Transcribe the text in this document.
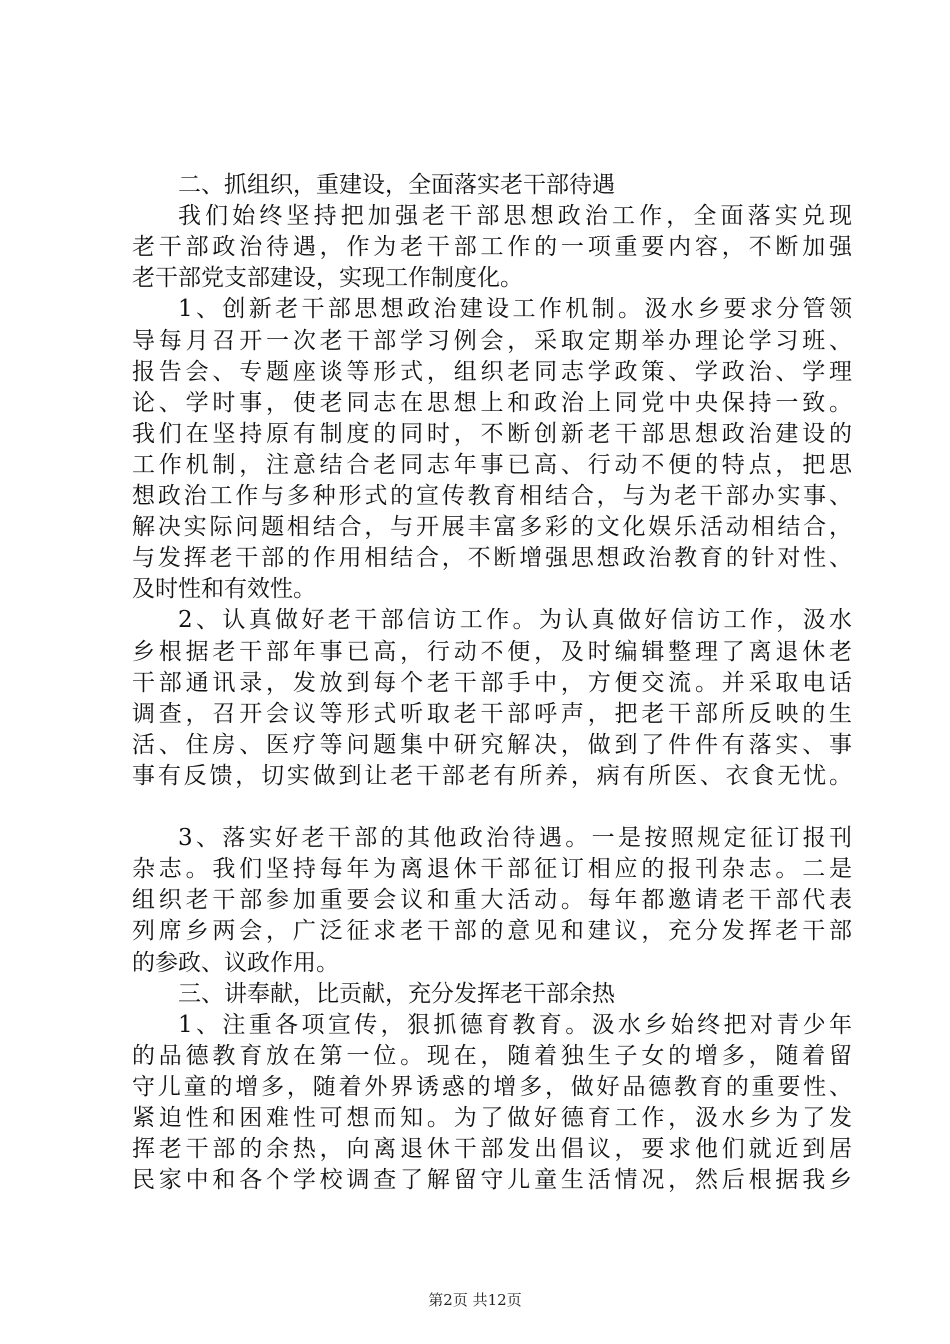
二、抓组织，重建设，全面落实老干部待遇
我们始终坚持把加强老干部思想政治工作，全面落实兑现
老干部政治待遇，作为老干部工作的一项重要内容，不断加强
老干部党支部建设，实现工作制度化。
1、创新老干部思想政治建设工作机制。汲水乡要求分管领
导每月召开一次老干部学习例会，采取定期举办理论学习班、
报告会、专题座谈等形式，组织老同志学政策、学政治、学理
论、学时事，使老同志在思想上和政治上同党中央保持一致。
我们在坚持原有制度的同时，不断创新老干部思想政治建设的
工作机制，注意结合老同志年事已高、行动不便的特点，把思
想政治工作与多种形式的宣传教育相结合，与为老干部办实事、
解决实际问题相结合，与开展丰富多彩的文化娱乐活动相结合，
与发挥老干部的作用相结合，不断增强思想政治教育的针对性、
及时性和有效性。
2、认真做好老干部信访工作。为认真做好信访工作，汲水
乡根据老干部年事已高，行动不便，及时编辑整理了离退休老
干部通讯录，发放到每个老干部手中，方便交流。并采取电话
调查，召开会议等形式听取老干部呼声，把老干部所反映的生
活、住房、医疗等问题集中研究解决，做到了件件有落实、事
事有反馈，切实做到让老干部老有所养，病有所医、衣食无忧。
3、落实好老干部的其他政治待遇。一是按照规定征订报刊
杂志。我们坚持每年为离退休干部征订相应的报刊杂志。二是
组织老干部参加重要会议和重大活动。每年都邀请老干部代表
列席乡两会，广泛征求老干部的意见和建议，充分发挥老干部
的参政、议政作用。
三、讲奉献，比贡献，充分发挥老干部余热
1、注重各项宣传，狠抓德育教育。汲水乡始终把对青少年
的品德教育放在第一位。现在，随着独生子女的增多，随着留
守儿童的增多，随着外界诱惑的增多，做好品德教育的重要性、
紧迫性和困难性可想而知。为了做好德育工作，汲水乡为了发
挥老干部的余热，向离退休干部发出倡议，要求他们就近到居
民家中和各个学校调查了解留守儿童生活情况，然后根据我乡
第2页 共12页
